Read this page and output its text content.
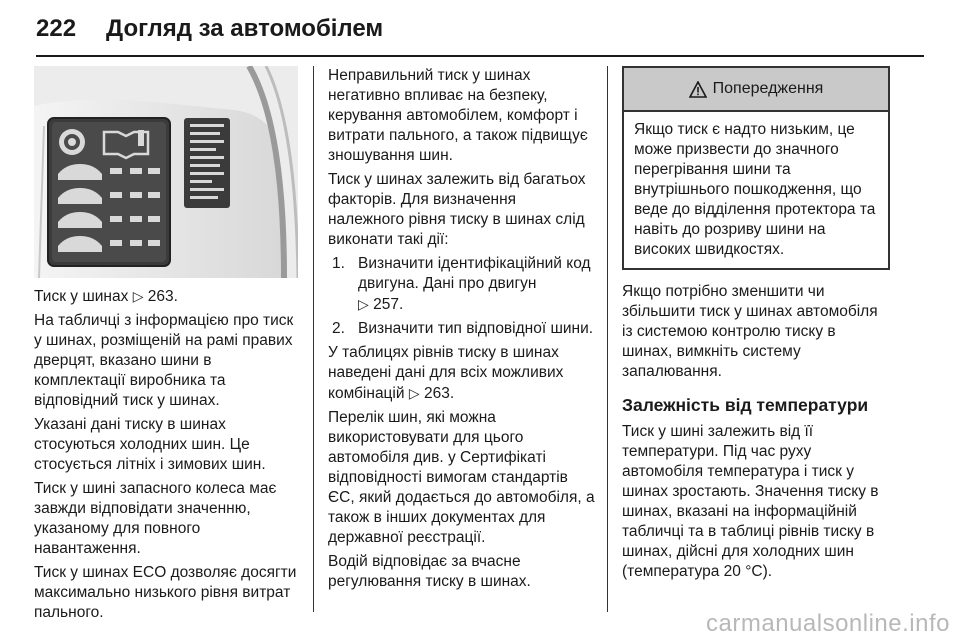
222 Догляд за автомобілем

Тиск у шинах ▷ 263.

На табличці з інформацією про тиск у шинах, розміщеній на рамі правих дверцят, вказано шини в комплектації виробника та відповідний тиск у шинах.

Указані дані тиску в шинах стосуються холодних шин. Це стосується літніх і зимових шин.

Тиск у шині запасного колеса має завжди відповідати значенню, указаному для повного навантаження.

Тиск у шинах ECO дозволяє досягти максимально низького рівня витрат пального.

Неправильний тиск у шинах негативно впливає на безпеку, керування автомобілем, комфорт і витрати пального, а також підвищує зношування шин.

Тиск у шинах залежить від багатьох факторів. Для визначення належного рівня тиску в шинах слід виконати такі дії:

1. Визначити ідентифікаційний код двигуна. Дані про двигун
▷ 257.
2. Визначити тип відповідної шини.

У таблицях рівнів тиску в шинах наведені дані для всіх можливих комбінацій ▷ 263.

Перелік шин, які можна використовувати для цього автомобіля див. у Сертифікаті відповідності вимогам стандартів ЄС, який додається до автомобіля, а також в інших документах для державної реєстрації.

Водій відповідає за вчасне регулювання тиску в шинах.

Попередження
Якщо тиск є надто низьким, це може призвести до значного перегрівання шини та внутрішнього пошкодження, що веде до відділення протектора та навіть до розриву шини на високих швидкостях.

Якщо потрібно зменшити чи збільшити тиск у шинах автомобіля із системою контролю тиску в шинах, вимкніть систему запалювання.

Залежність від температури

Тиск у шині залежить від її температури. Під час руху автомобіля температура і тиск у шинах зростають. Значення тиску в шинах, вказані на інформаційній табличці та в таблиці рівнів тиску в шинах, дійсні для холодних шин (температура 20 °C).

carmanualsonline.info
